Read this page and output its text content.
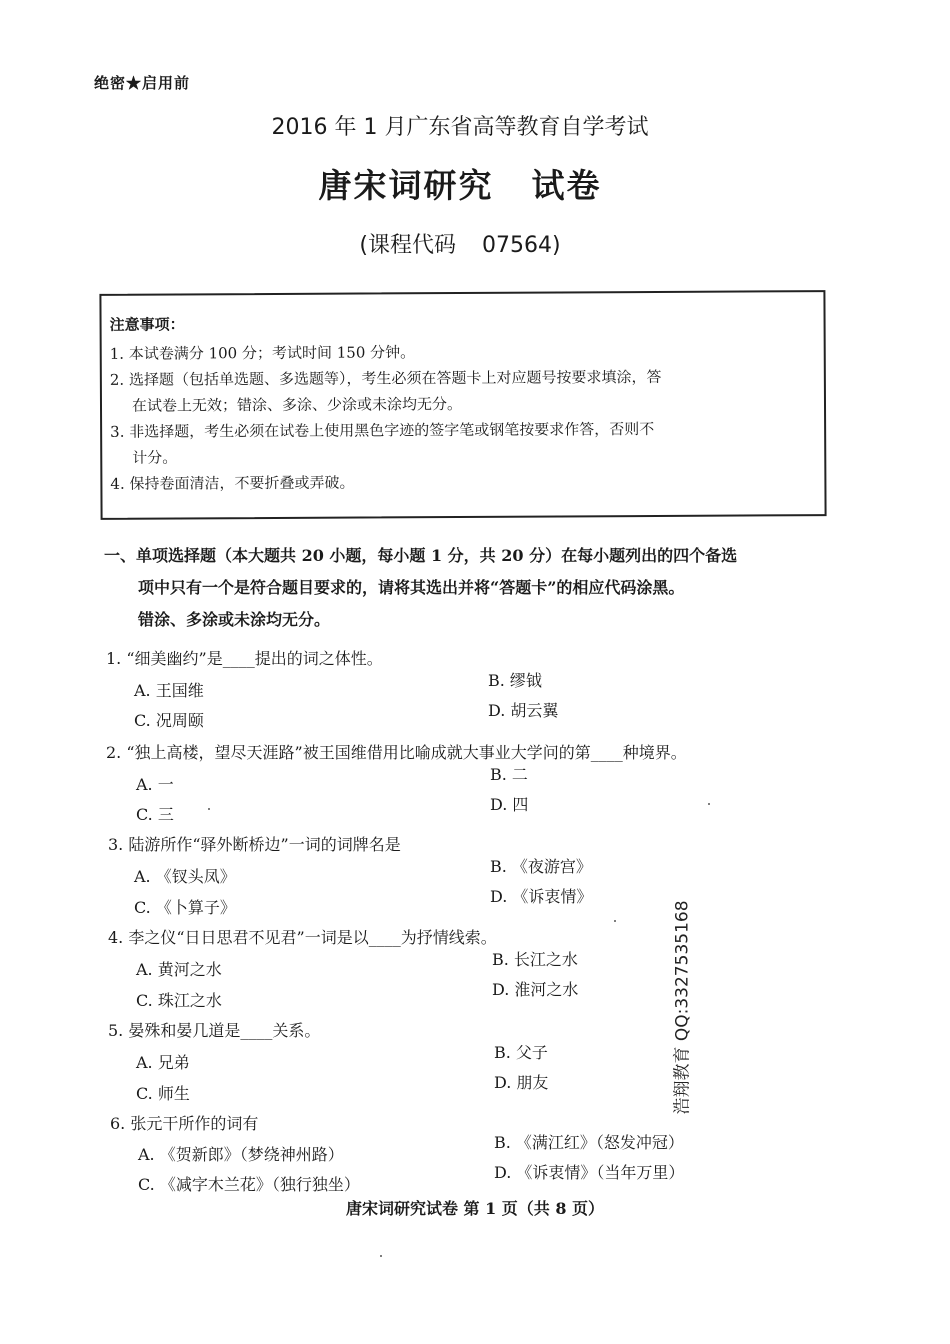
绝密★启用前
2016 年 1 月广东省高等教育自学考试
唐宋词研究 试卷
(课程代码 07564)
注意事项：
1. 本试卷满分 100 分；考试时间 150 分钟。
2. 选择题（包括单选题、多选题等），考生必须在答题卡上对应题号按要求填涂，答
在试卷上无效；错涂、多涂、少涂或未涂均无分。
3. 非选择题，考生必须在试卷上使用黑色字迹的签字笔或钢笔按要求作答，否则不
计分。
4. 保持卷面清洁，不要折叠或弄破。
一、单项选择题（本大题共 20 小题，每小题 1 分，共 20 分）在每小题列出的四个备选
项中只有一个是符合题目要求的，请将其选出并将“答题卡”的相应代码涂黑。
错涂、多涂或未涂均无分。
1. “细美幽约”是____提出的词之体性。
A. 王国维
B. 缪钺
C. 况周颐
D. 胡云翼
2. “独上高楼，望尽天涯路”被王国维借用比喻成就大事业大学问的第____种境界。
A. 一
B. 二
C. 三
D. 四
3. 陆游所作“驿外断桥边”一词的词牌名是
A. 《钗头凤》
B. 《夜游宫》
C. 《卜算子》
D. 《诉衷情》
4. 李之仪“日日思君不见君”一词是以____为抒情线索。
A. 黄河之水
B. 长江之水
C. 珠江之水
D. 淮河之水
5. 晏殊和晏几道是____关系。
A. 兄弟
B. 父子
C. 师生
D. 朋友
6. 张元干所作的词有
A. 《贺新郎》（梦绕神州路）
B. 《满江红》（怒发冲冠）
C. 《减字木兰花》（独行独坐）
D. 《诉衷情》（当年万里）
浩翔教育 QQ:3327535168
唐宋词研究试卷 第 1 页（共 8 页）
